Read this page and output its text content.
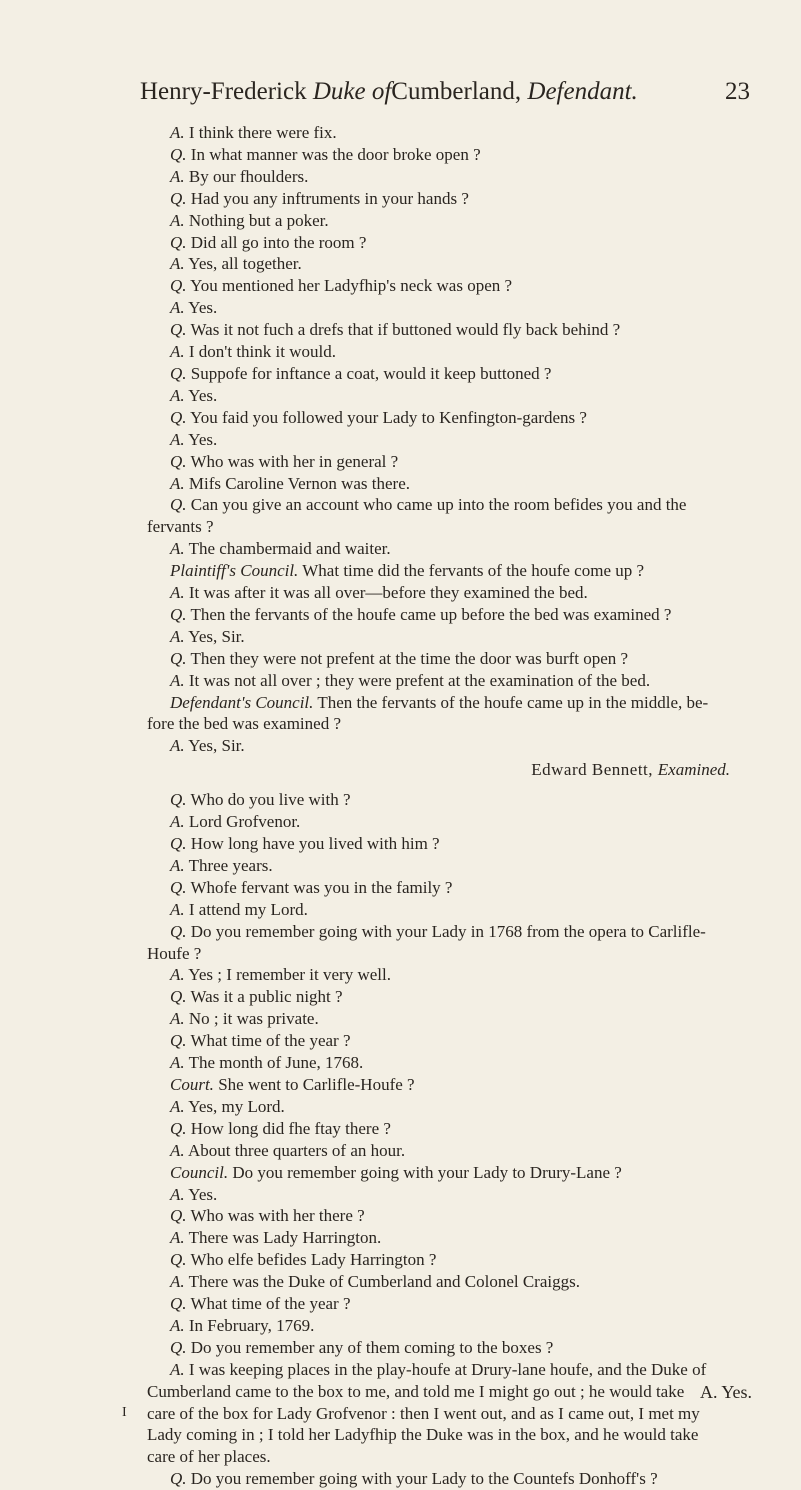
Henry-Frederick Duke ofCumberland, Defendant.	23
A. I think there were fix.
Q. In what manner was the door broke open ?
A. By our fhoulders.
Q. Had you any inftruments in your hands ?
A. Nothing but a poker.
Q. Did all go into the room ?
A. Yes, all together.
Q. You mentioned her Ladyfhip's neck was open ?
A. Yes.
Q. Was it not fuch a drefs that if buttoned would fly back behind ?
A. I don't think it would.
Q. Suppofe for inftance a coat, would it keep buttoned ?
A. Yes.
Q. You faid you followed your Lady to Kenfington-gardens ?
A. Yes.
Q. Who was with her in general ?
A. Mifs Caroline Vernon was there.
Q. Can you give an account who came up into the room befides you and the
fervants ?
A. The chambermaid and waiter.
Plaintiff's Council. What time did the fervants of the houfe come up ?
A. It was after it was all over—before they examined the bed.
Q. Then the fervants of the houfe came up before the bed was examined ?
A. Yes, Sir.
Q. Then they were not prefent at the time the door was burft open ?
A. It was not all over ; they were prefent at the examination of the bed.
Defendant's Council. Then the fervants of the houfe came up in the middle, be-
fore the bed was examined ?
A. Yes, Sir.
Edward Bennett, Examined.
Q. Who do you live with ?
A. Lord Grofvenor.
Q. How long have you lived with him ?
A. Three years.
Q. Whofe fervant was you in the family ?
A. I attend my Lord.
Q. Do you remember going with your Lady in 1768 from the opera to Carlifle-
Houfe ?
A. Yes ; I remember it very well.
Q. Was it a public night ?
A. No ; it was private.
Q. What time of the year ?
A. The month of June, 1768.
Court. She went to Carlifle-Houfe ?
A. Yes, my Lord.
Q. How long did fhe ftay there ?
A. About three quarters of an hour.
Council. Do you remember going with your Lady to Drury-Lane ?
A. Yes.
Q. Who was with her there ?
A. There was Lady Harrington.
Q. Who elfe befides Lady Harrington ?
A. There was the Duke of Cumberland and Colonel Craiggs.
Q. What time of the year ?
A. In February, 1769.
Q. Do you remember any of them coming to the boxes ?
A. I was keeping places in the play-houfe at Drury-lane houfe, and the Duke of
Cumberland came to the box to me, and told me I might go out ; he would take
care of the box for Lady Grofvenor : then I went out, and as I came out, I met my
Lady coming in ; I told her Ladyfhip the Duke was in the box, and he would take
care of her places.
Q. Do you remember going with your Lady to the Countefs Donhoff's ?
A. Yes.
I
